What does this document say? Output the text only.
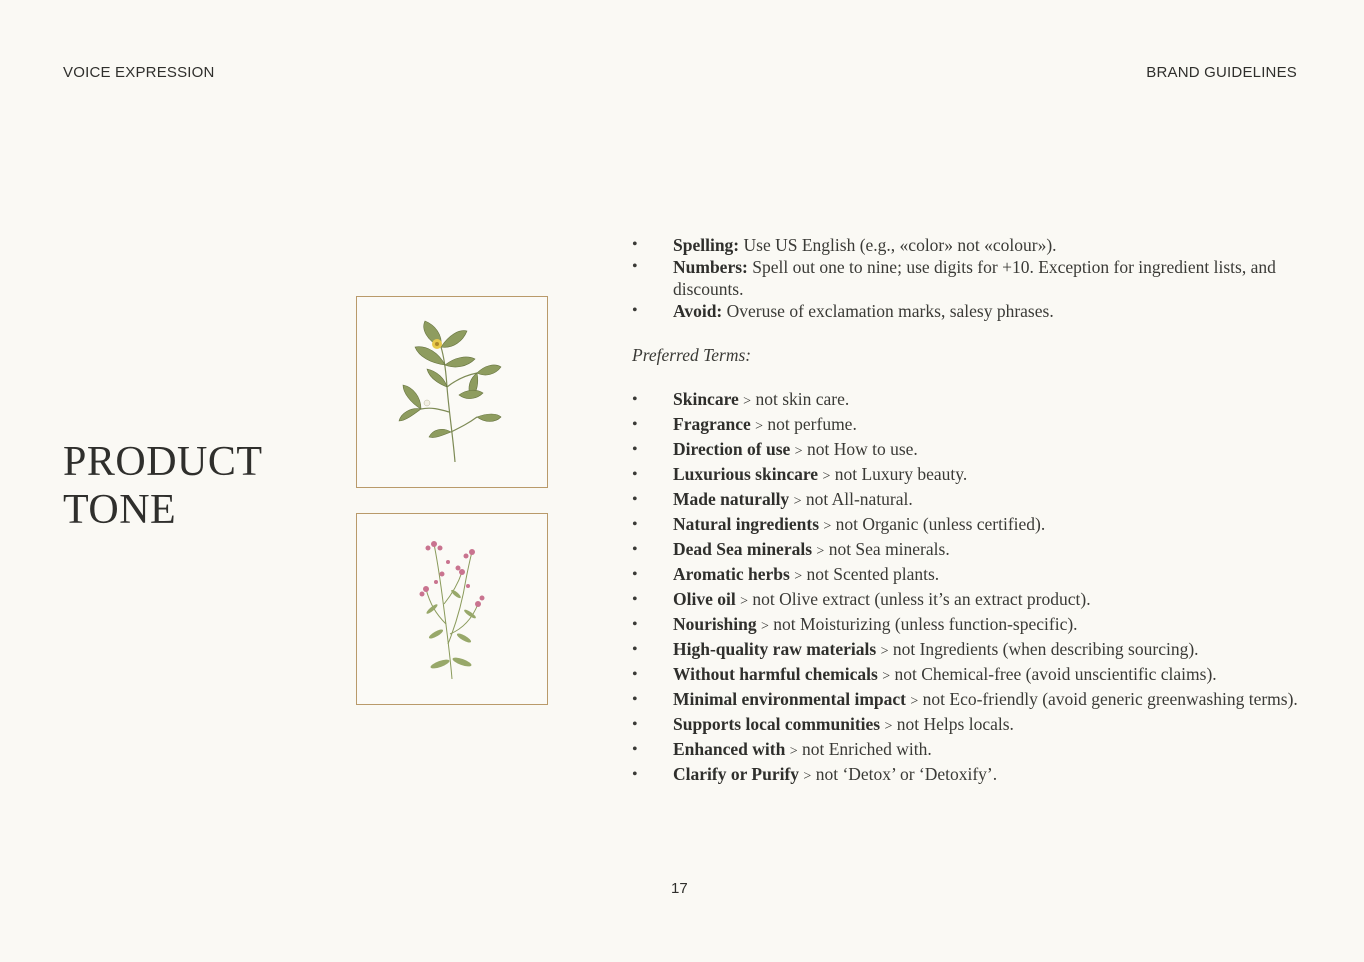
VOICE EXPRESSION	BRAND GUIDELINES
PRODUCT
TONE
• Spelling: Use US English (e.g., «color» not «colour»).
• Numbers: Spell out one to nine; use digits for +10. Exception for ingredient lists, and discounts.
• Avoid: Overuse of exclamation marks, salesy phrases.
Preferred Terms:
• Skincare > not skin care.
• Fragrance > not perfume.
• Direction of use > not How to use.
• Luxurious skincare > not Luxury beauty.
• Made naturally > not All-natural.
• Natural ingredients > not Organic (unless certified).
• Dead Sea minerals > not Sea minerals.
• Aromatic herbs > not Scented plants.
• Olive oil > not Olive extract (unless it’s an extract product).
• Nourishing > not Moisturizing (unless function-specific).
• High-quality raw materials > not Ingredients (when describing sourcing).
• Without harmful chemicals > not Chemical-free (avoid unscientific claims).
• Minimal environmental impact > not Eco-friendly (avoid generic greenwashing terms).
• Supports local communities > not Helps locals.
• Enhanced with > not Enriched with.
• Clarify or Purify > not ‘Detox’ or ‘Detoxify’.
17
